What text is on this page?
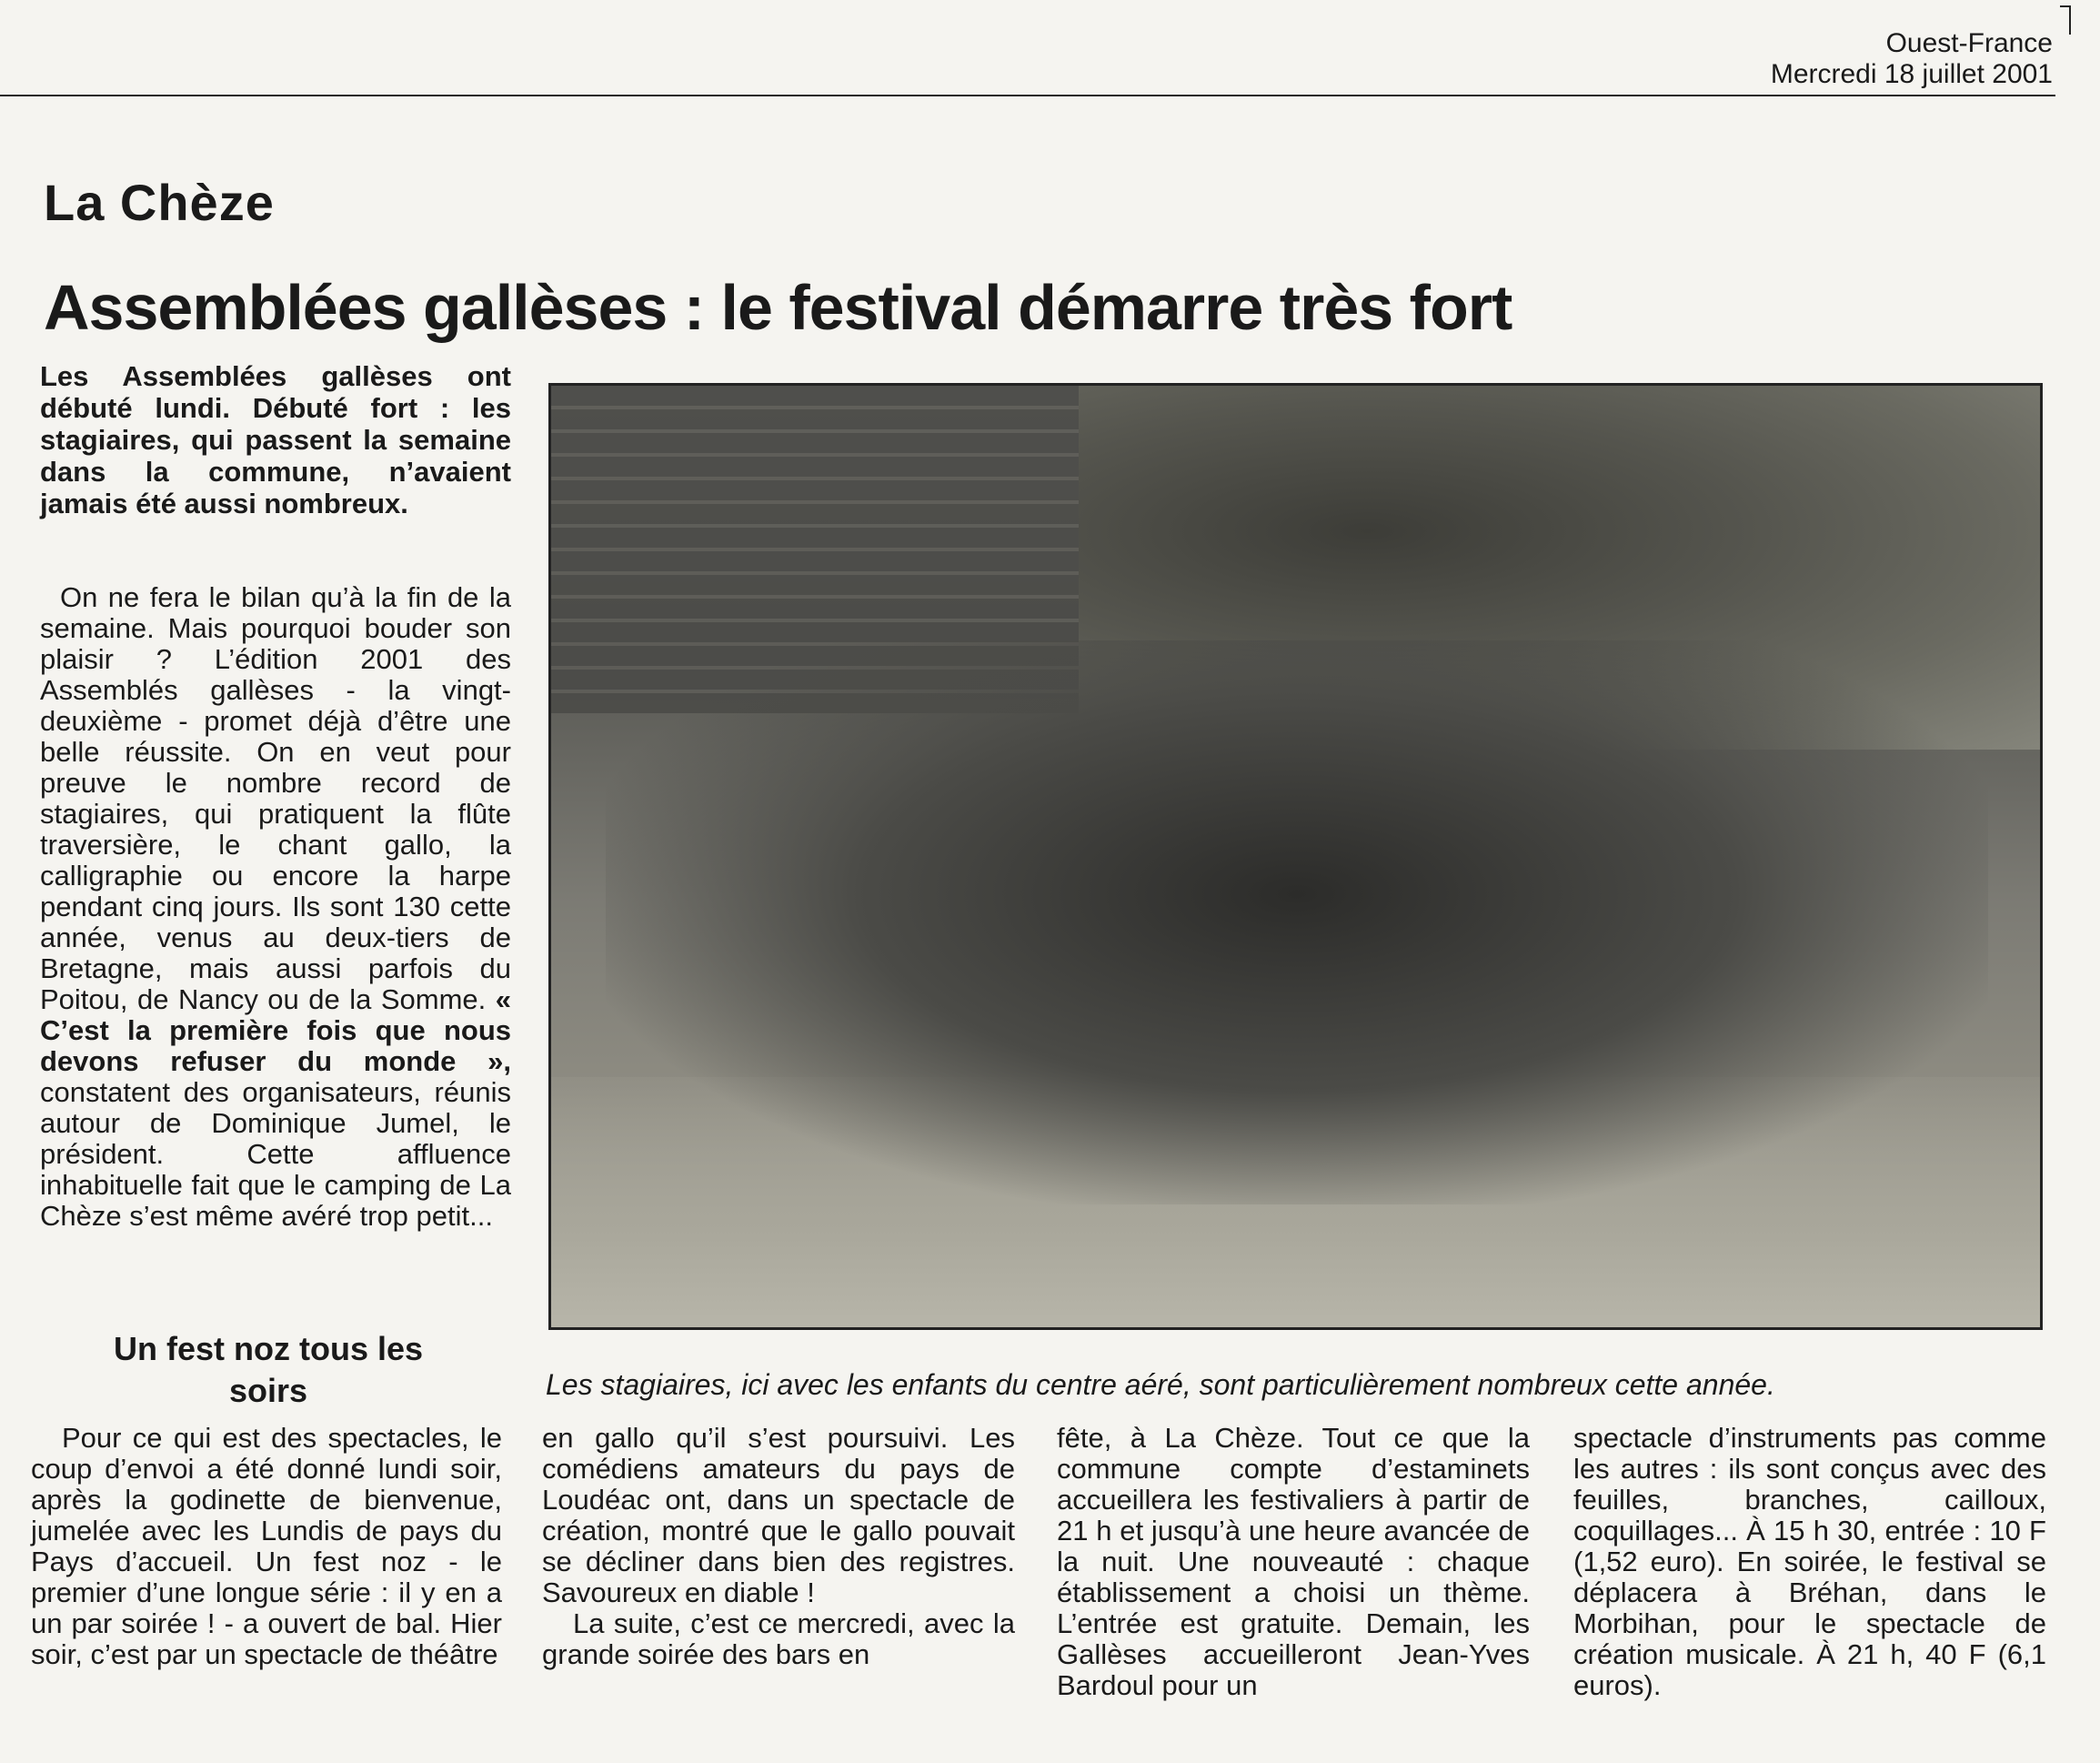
Ouest-France
Mercredi 18 juillet 2001
La Chèze
Assemblées gallèses : le festival démarre très fort
Les Assemblées gallèses ont débuté lundi. Débuté fort : les stagiaires, qui passent la semaine dans la commune, n’avaient jamais été aussi nombreux.
On ne fera le bilan qu’à la fin de la semaine. Mais pourquoi bouder son plaisir ? L’édition 2001 des Assemblés gallèses - la vingt-deuxième - promet déjà d’être une belle réussite. On en veut pour preuve le nombre record de stagiaires, qui pratiquent la flûte traversière, le chant gallo, la calligraphie ou encore la harpe pendant cinq jours. Ils sont 130 cette année, venus au deux-tiers de Bretagne, mais aussi parfois du Poitou, de Nancy ou de la Somme. « C’est la première fois que nous devons refuser du monde », constatent des organisateurs, réunis autour de Dominique Jumel, le président. Cette affluence inhabituelle fait que le camping de La Chèze s’est même avéré trop petit...
Un fest noz tous les soirs
Pour ce qui est des spectacles, le coup d’envoi a été donné lundi soir, après la godinette de bienvenue, jumelée avec les Lundis de pays du Pays d’accueil. Un fest noz - le premier d’une longue série : il y en a un par soirée ! - a ouvert de bal. Hier soir, c’est par un spectacle de théâtre
Les stagiaires, ici avec les enfants du centre aéré, sont particulièrement nombreux cette année.
en gallo qu’il s’est poursuivi. Les comédiens amateurs du pays de Loudéac ont, dans un spectacle de création, montré que le gallo pouvait se décliner dans bien des registres. Savoureux en diable !
La suite, c’est ce mercredi, avec la grande soirée des bars en
fête, à La Chèze. Tout ce que la commune compte d’estaminets accueillera les festivaliers à partir de 21 h et jusqu’à une heure avancée de la nuit. Une nouveauté : chaque établissement a choisi un thème. L’entrée est gratuite. Demain, les Gallèses accueilleront Jean-Yves Bardoul pour un
spectacle d’instruments pas comme les autres : ils sont conçus avec des feuilles, branches, cailloux, coquillages... À 15 h 30, entrée : 10 F (1,52 euro). En soirée, le festival se déplacera à Bréhan, dans le Morbihan, pour le spectacle de création musicale. À 21 h, 40 F (6,1 euros).
